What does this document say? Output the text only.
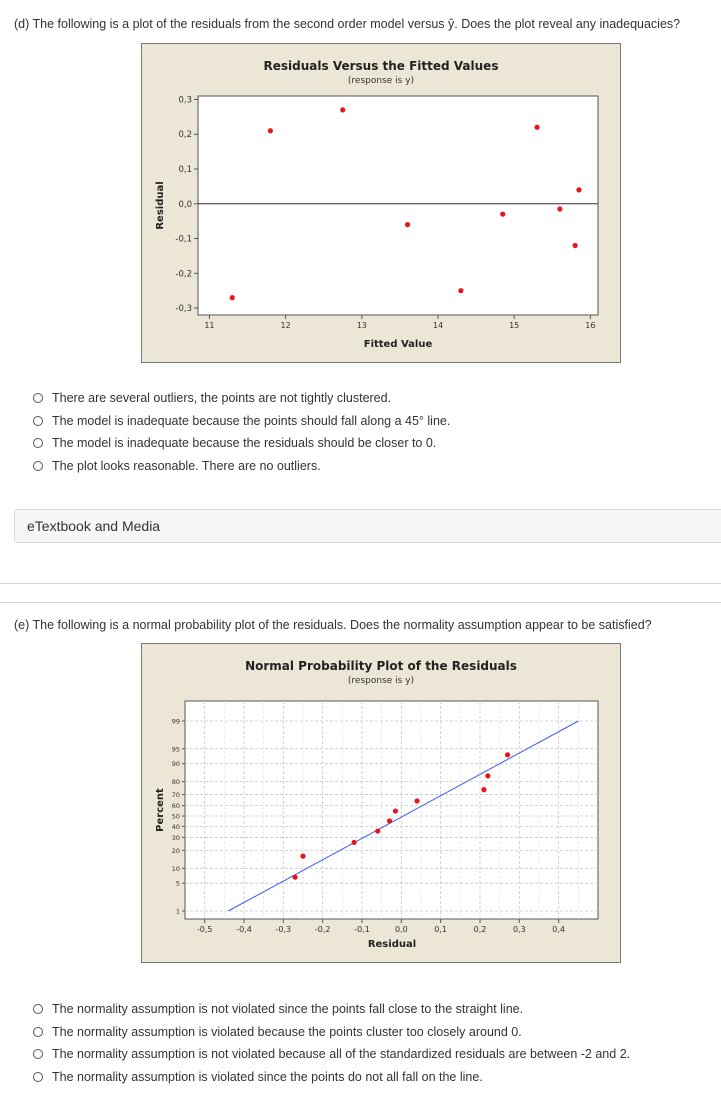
(d) The following is a plot of the residuals from the second order model versus ŷ. Does the plot reveal any inadequacies?
Residuals Versus the Fitted Values
(response is y)
11	12	13	14	15	16
0,3
0,2
0,1
0,0
-0,1
-0,2
-0,3
Fitted Value
Residual
There are several outliers, the points are not tightly clustered.
The model is inadequate because the points should fall along a 45° line.
The model is inadequate because the residuals should be closer to 0.
The plot looks reasonable. There are no outliers.
eTextbook and Media
(e) The following is a normal probability plot of the residuals. Does the normality assumption appear to be satisfied?
Normal Probability Plot of the Residuals
(response is y)
-0,5	-0,4	-0,3	-0,2	-0,1	0,0	0,1	0,2	0,3	0,4
99
95
90
80
70
60
50
40
30
20
10
5
1
Residual
Percent
The normality assumption is not violated since the points fall close to the straight line.
The normality assumption is violated because the points cluster too closely around 0.
The normality assumption is not violated because all of the standardized residuals are between -2 and 2.
The normality assumption is violated since the points do not all fall on the line.
